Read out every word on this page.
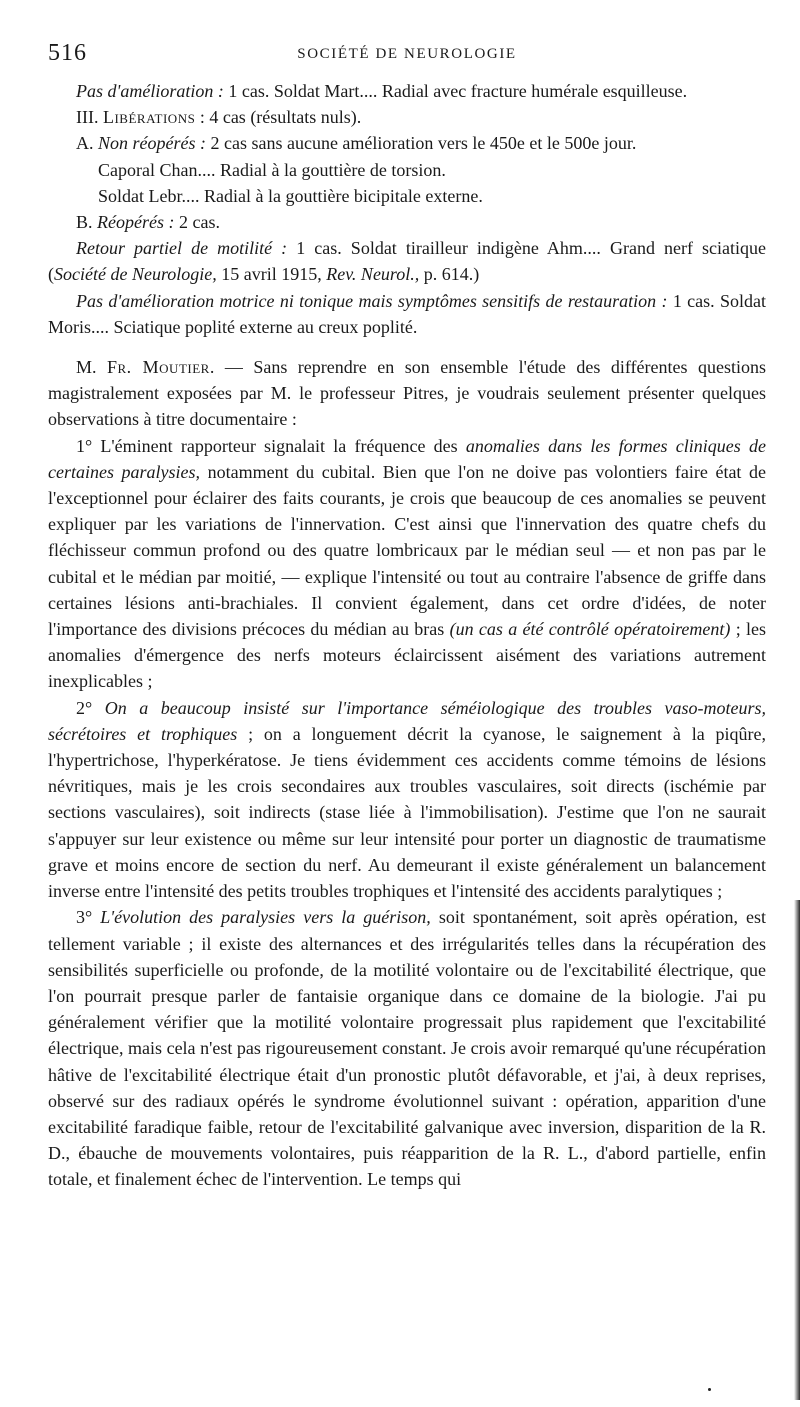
516	SOCIÉTÉ DE NEUROLOGIE

Pas d'amélioration : 1 cas. Soldat Mart.... Radial avec fracture humérale esquilleuse.

III. Libérations : 4 cas (résultats nuls).

A. Non réopérés : 2 cas sans aucune amélioration vers le 450e et le 500e jour.

Caporal Chan.... Radial à la gouttière de torsion.

Soldat Lebr.... Radial à la gouttière bicipitale externe.

B. Réopérés : 2 cas.

Retour partiel de motilité : 1 cas. Soldat tirailleur indigène Ahm.... Grand nerf sciatique (Société de Neurologie, 15 avril 1915, Rev. Neurol., p. 614.)

Pas d'amélioration motrice ni tonique mais symptômes sensitifs de restauration : 1 cas. Soldat Moris.... Sciatique poplité externe au creux poplité.

M. Fr. Moutier. — Sans reprendre en son ensemble l'étude des différentes questions magistralement exposées par M. le professeur Pitres, je voudrais seulement présenter quelques observations à titre documentaire :

1° L'éminent rapporteur signalait la fréquence des anomalies dans les formes cliniques de certaines paralysies, notamment du cubital. Bien que l'on ne doive pas volontiers faire état de l'exceptionnel pour éclairer des faits courants, je crois que beaucoup de ces anomalies se peuvent expliquer par les variations de l'innervation. C'est ainsi que l'innervation des quatre chefs du fléchisseur commun profond ou des quatre lombricaux par le médian seul — et non pas par le cubital et le médian par moitié, — explique l'intensité ou tout au contraire l'absence de griffe dans certaines lésions anti-brachiales. Il convient également, dans cet ordre d'idées, de noter l'importance des divisions précoces du médian au bras (un cas a été contrôlé opératoirement) ; les anomalies d'émergence des nerfs moteurs éclaircissent aisément des variations autrement inexplicables ;

2° On a beaucoup insisté sur l'importance séméiologique des troubles vaso-moteurs, sécrétoires et trophiques ; on a longuement décrit la cyanose, le saignement à la piqûre, l'hypertrichose, l'hyperkératose. Je tiens évidemment ces accidents comme témoins de lésions névritiques, mais je les crois secondaires aux troubles vasculaires, soit directs (ischémie par sections vasculaires), soit indirects (stase liée à l'immobilisation). J'estime que l'on ne saurait s'appuyer sur leur existence ou même sur leur intensité pour porter un diagnostic de traumatisme grave et moins encore de section du nerf. Au demeurant il existe généralement un balancement inverse entre l'intensité des petits troubles trophiques et l'intensité des accidents paralytiques ;

3° L'évolution des paralysies vers la guérison, soit spontanément, soit après opération, est tellement variable ; il existe des alternances et des irrégularités telles dans la récupération des sensibilités superficielle ou profonde, de la motilité volontaire ou de l'excitabilité électrique, que l'on pourrait presque parler de fantaisie organique dans ce domaine de la biologie. J'ai pu généralement vérifier que la motilité volontaire progressait plus rapidement que l'excitabilité électrique, mais cela n'est pas rigoureusement constant. Je crois avoir remarqué qu'une récupération hâtive de l'excitabilité électrique était d'un pronostic plutôt défavorable, et j'ai, à deux reprises, observé sur des radiaux opérés le syndrome évolutionnel suivant : opération, apparition d'une excitabilité faradique faible, retour de l'excitabilité galvanique avec inversion, disparition de la R. D., ébauche de mouvements volontaires, puis réapparition de la R. L., d'abord partielle, enfin totale, et finalement échec de l'intervention. Le temps qui
